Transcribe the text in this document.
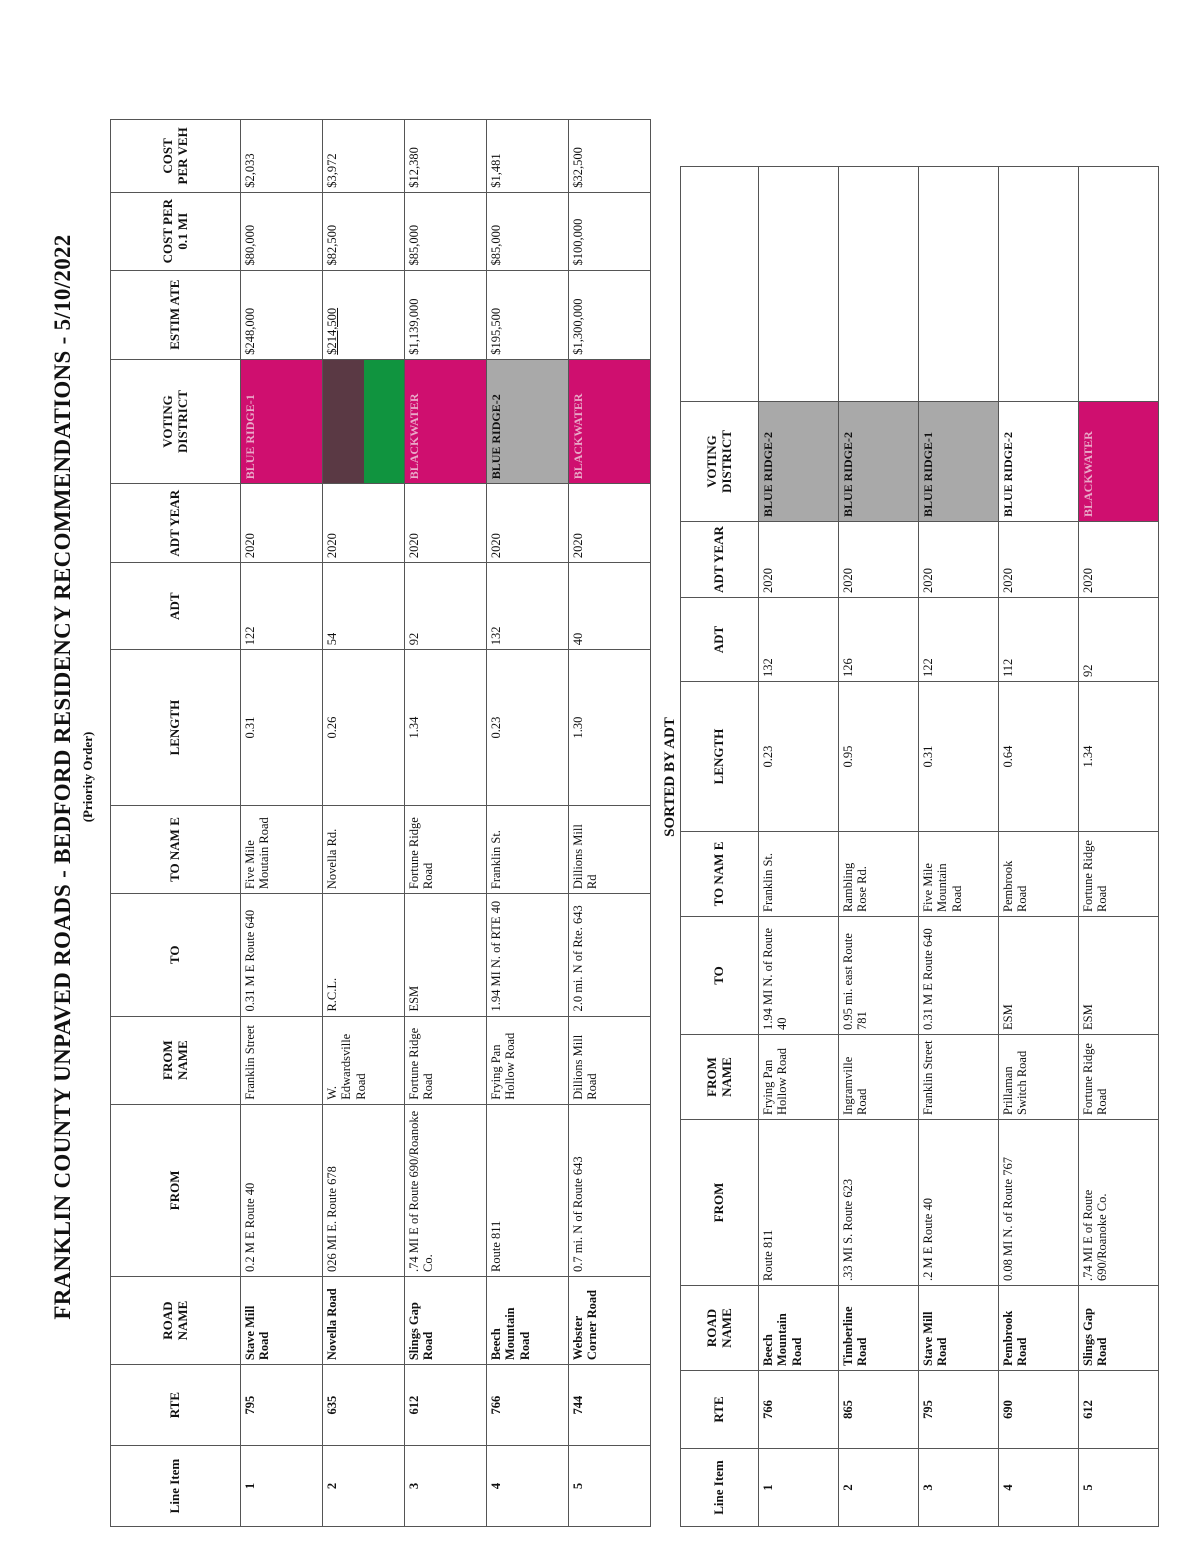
FRANKLIN COUNTY UNPAVED ROADS - BEDFORD RESIDENCY RECOMMENDATIONS - 5/10/2022 (Priority Order)
Line Item	RTE	ROAD NAME	FROM	FROM NAME	TO	TO NAM E	LENGTH	ADT	ADT YEAR	VOTING DISTRICT	ESTIM ATE	COST PER 0.1 MI	COST PER VEH
1	795	Stave Mill Road	0.2 M E Route 40	Franklin Street	0.31 M E Route 640	Five Mile Moutain Road	0.31	122	2020	BLUE RIDGE-1	$248,000	$80,000	$2,033
2	635	Novella Road	026 MI E. Route 678	W. Edwardsville Road	R.C.L.	Novella Rd.	0.26	54	2020		$214,500	$82,500	$3,972
3	612	Slings Gap Road	.74 MI E of Route 690/Roanoke Co.	Fortune Ridge Road	ESM	Fortune Ridge Road	1.34	92	2020	BLACKWATER	$1,139,000	$85,000	$12,380
4	766	Beech Mountain Road	Route 811	Frying Pan Hollow Road	1.94 MI N. of RTE 40	Franklin St.	0.23	132	2020	BLUE RIDGE-2	$195,500	$85,000	$1,481
5	744	Webster Corner Road	0.7 mi. N of Route 643	Dillions Mill Road	2.0 mi. N of Rte. 643	Dillions Mill Rd	1.30	40	2020	BLACKWATER	$1,300,000	$100,000	$32,500
SORTED BY ADT
Line Item	RTE	ROAD NAME	FROM	FROM NAME	TO	TO NAM E	LENGTH	ADT	ADT YEAR	VOTING DISTRICT	
1	766	Beech Mountain Road	Route 811	Frying Pan Hollow Road	1.94 MI N. of Route 40	Franklin St.	0.23	132	2020	BLUE RIDGE-2	

2	865	Timberline Road	.33 MI S. Route 623	Ingramville Road	0.95 mi. east Route 781	Rambling Rose Rd.	0.95	126	2020	BLUE RIDGE-2	

3	795	Stave Mill Road	.2 M E Route 40	Franklin Street	0.31 M E Route 640	Five Mile Mountain Road	0.31	122	2020	BLUE RIDGE-1	

4	690	Pembrook Road	0.08 MI N. of Route 767	Prillaman Switch Road	ESM	Pembrook Road	0.64	112	2020	BLUE RIDGE-2	

5	612	Slings Gap Road	.74 MI E of Route 690/Roanoke Co.	Fortune Ridge Road	ESM	Fortune Ridge Road	1.34	92	2020	BLACKWATER	
